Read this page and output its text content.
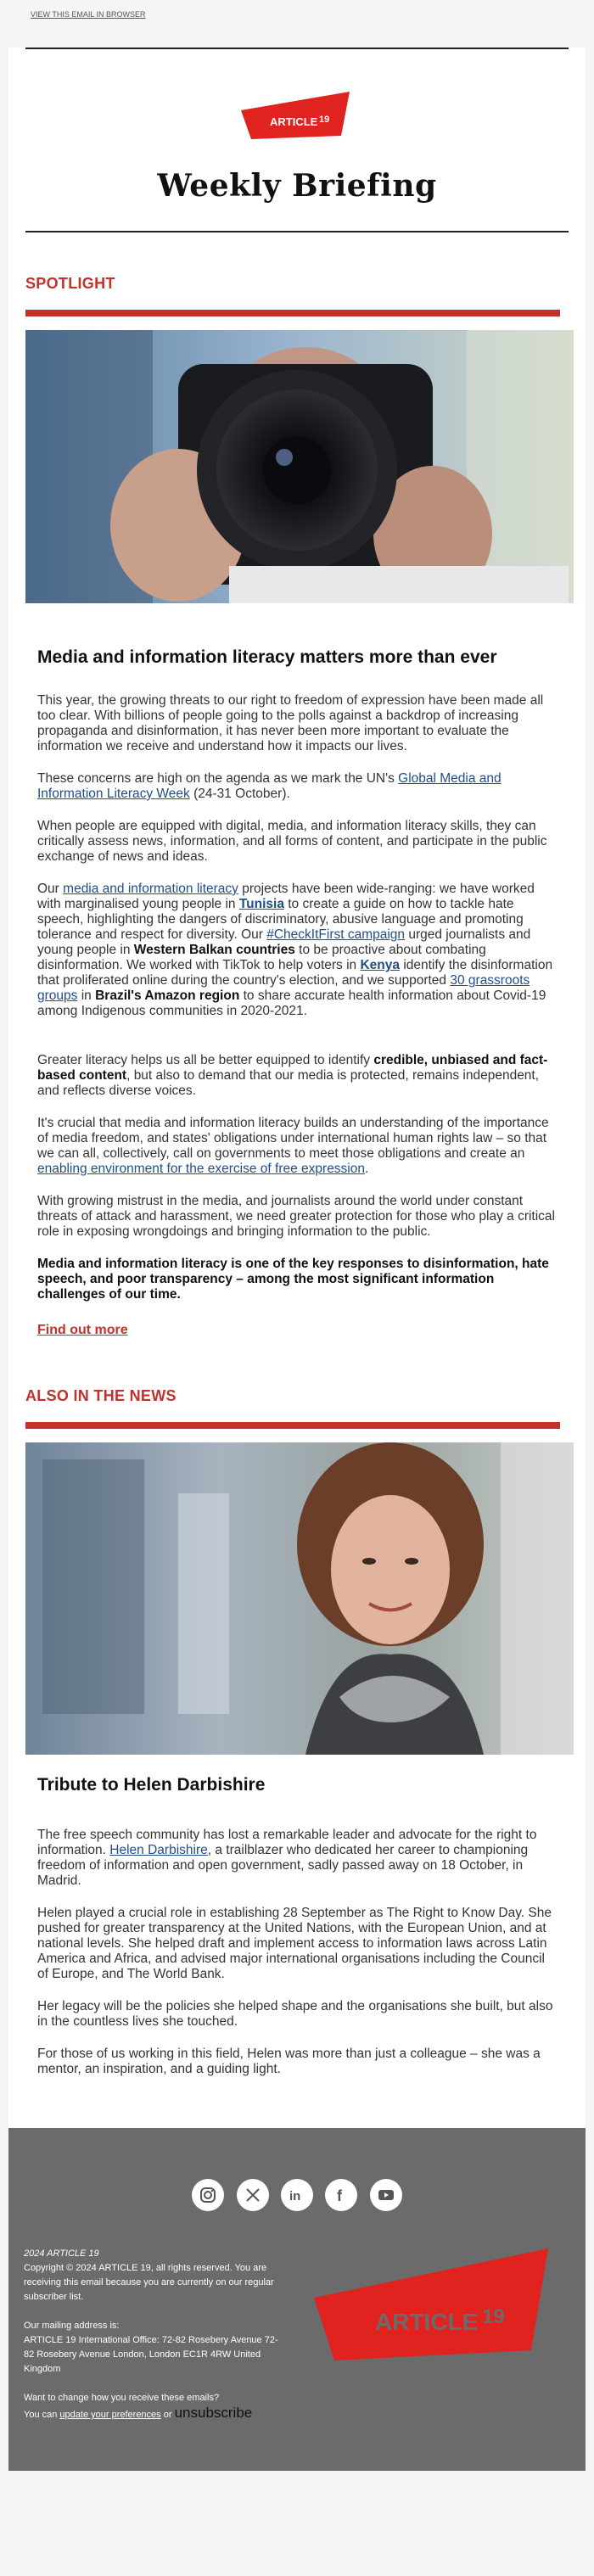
VIEW THIS EMAIL IN BROWSER
ARTICLE 19
Weekly Briefing
SPOTLIGHT
Media and information literacy matters more than ever

This year, the growing threats to our right to freedom of expression have been made all too clear. With billions of people going to the polls against a backdrop of increasing propaganda and disinformation, it has never been more important to evaluate the information we receive and understand how it impacts our lives.

These concerns are high on the agenda as we mark the UN's Global Media and Information Literacy Week (24-31 October).

When people are equipped with digital, media, and information literacy skills, they can critically assess news, information, and all forms of content, and participate in the public exchange of news and ideas.

Our media and information literacy projects have been wide-ranging: we have worked with marginalised young people in Tunisia to create a guide on how to tackle hate speech, highlighting the dangers of discriminatory, abusive language and promoting tolerance and respect for diversity. Our #CheckItFirst campaign urged journalists and young people in Western Balkan countries to be proactive about combating disinformation. We worked with TikTok to help voters in Kenya identify the disinformation that proliferated online during the country's election, and we supported 30 grassroots groups in Brazil's Amazon region to share accurate health information about Covid-19 among Indigenous communities in 2020-2021.

Greater literacy helps us all be better equipped to identify credible, unbiased and fact-based content, but also to demand that our media is protected, remains independent, and reflects diverse voices.

It's crucial that media and information literacy builds an understanding of the importance of media freedom, and states' obligations under international human rights law – so that we can all, collectively, call on governments to meet those obligations and create an enabling environment for the exercise of free expression.

With growing mistrust in the media, and journalists around the world under constant threats of attack and harassment, we need greater protection for those who play a critical role in exposing wrongdoings and bringing information to the public.

Media and information literacy is one of the key responses to disinformation, hate speech, and poor transparency – among the most significant information challenges of our time.

Find out more
ALSO IN THE NEWS
Tribute to Helen Darbishire

The free speech community has lost a remarkable leader and advocate for the right to information. Helen Darbishire, a trailblazer who dedicated her career to championing freedom of information and open government, sadly passed away on 18 October, in Madrid.

Helen played a crucial role in establishing 28 September as The Right to Know Day. She pushed for greater transparency at the United Nations, with the European Union, and at national levels. She helped draft and implement access to information laws across Latin America and Africa, and advised major international organisations including the Council of Europe, and The World Bank.

Her legacy will be the policies she helped shape and the organisations she built, but also in the countless lives she touched.

For those of us working in this field, Helen was more than just a colleague – she was a mentor, an inspiration, and a guiding light.

in
f

2024 ARTICLE 19
Copyright © 2024 ARTICLE 19, all rights reserved. You are receiving this email because you are currently on our regular subscriber list.
Our mailing address is:
ARTICLE 19 International Office: 72-82 Rosebery Avenue 72-82 Rosebery Avenue London, London EC1R 4RW United Kingdom
Want to change how you receive these emails?
You can update your preferences or unsubscribe
ARTICLE 19
